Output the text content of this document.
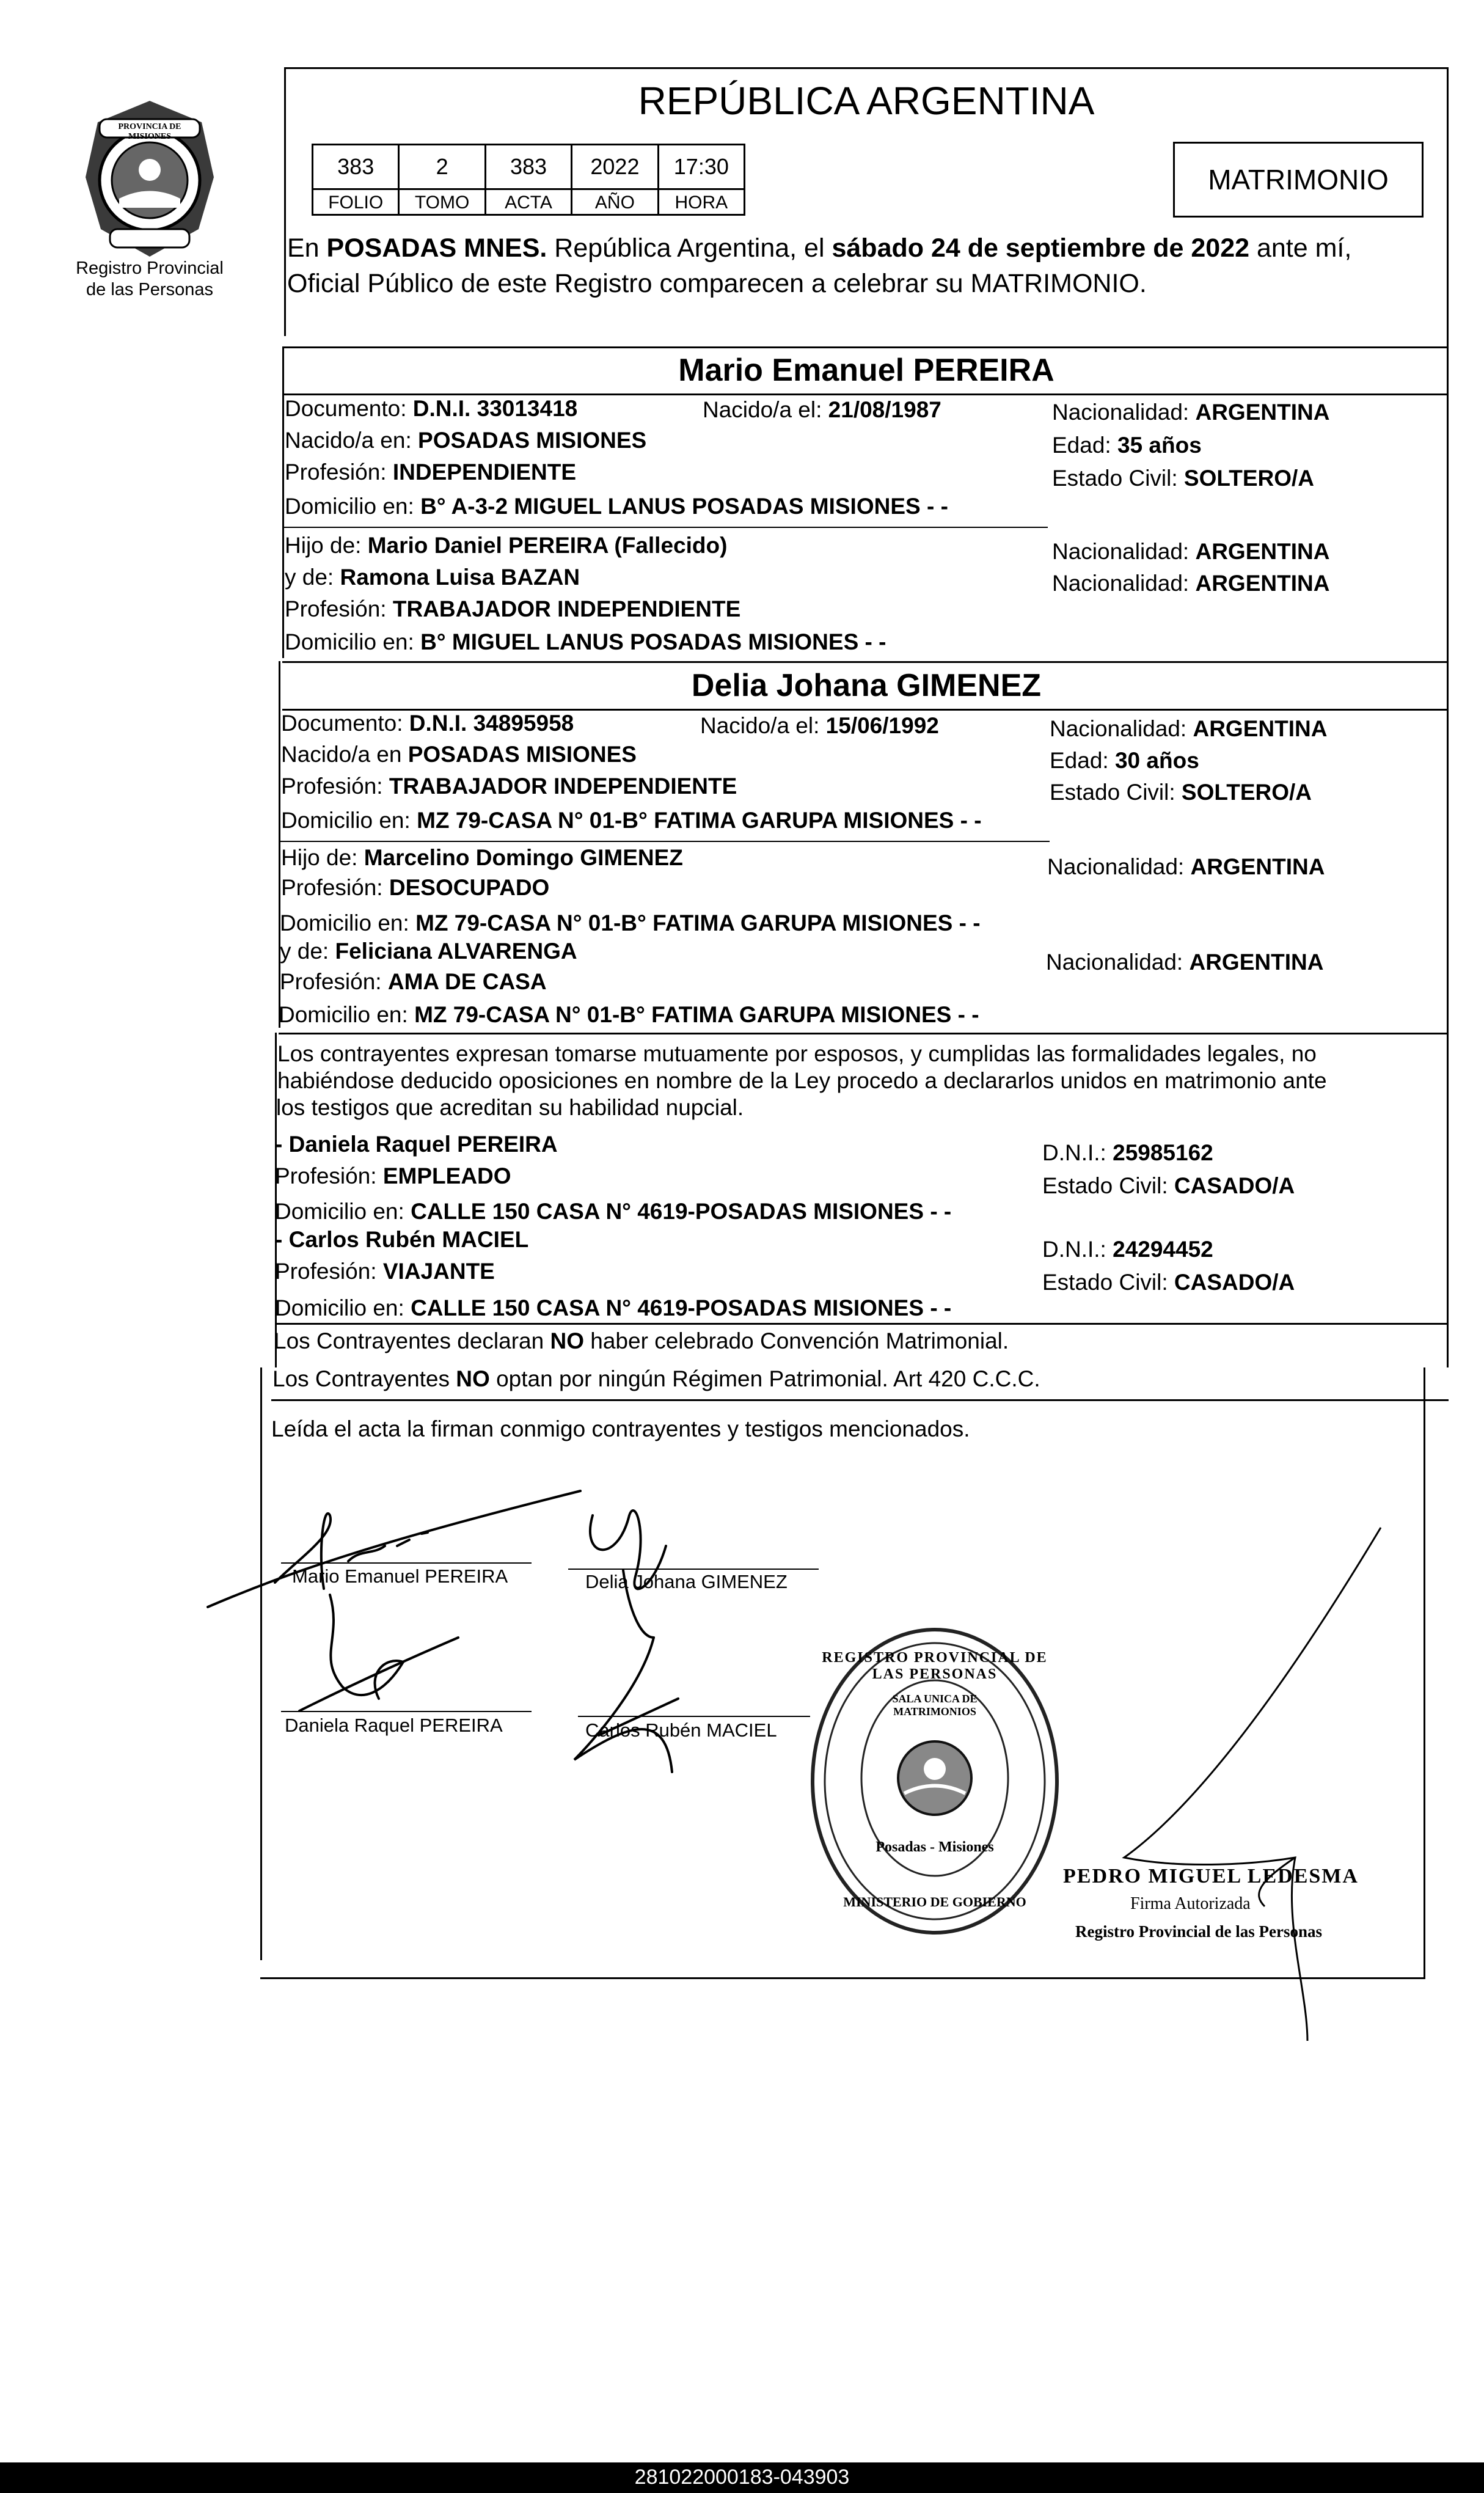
PROVINCIA DE MISIONES
Registro Provincial
de las Personas
REPÚBLICA ARGENTINA
383	2	383	2022	17:30
FOLIO	TOMO	ACTA	AÑO	HORA
MATRIMONIO
En POSADAS MNES. República Argentina, el sábado 24 de septiembre de 2022 ante mí,
Oficial Público de este Registro comparecen a celebrar su MATRIMONIO.
Mario Emanuel PEREIRA
Documento: D.N.I. 33013418	Nacido/a el: 21/08/1987	Nacionalidad: ARGENTINA
Nacido/a en: POSADAS MISIONES	Edad: 35 años
Profesión: INDEPENDIENTE	Estado Civil: SOLTERO/A
Domicilio en: B° A-3-2 MIGUEL LANUS POSADAS MISIONES - -
Hijo de: Mario Daniel PEREIRA (Fallecido)	Nacionalidad: ARGENTINA
y de: Ramona Luisa BAZAN	Nacionalidad: ARGENTINA
Profesión: TRABAJADOR INDEPENDIENTE
Domicilio en: B° MIGUEL LANUS POSADAS MISIONES - -
Delia Johana GIMENEZ
Documento: D.N.I. 34895958	Nacido/a el: 15/06/1992	Nacionalidad: ARGENTINA
Nacido/a en POSADAS MISIONES	Edad: 30 años
Profesión: TRABAJADOR INDEPENDIENTE	Estado Civil: SOLTERO/A
Domicilio en: MZ 79-CASA N° 01-B° FATIMA GARUPA MISIONES - -
Hijo de: Marcelino Domingo GIMENEZ	Nacionalidad: ARGENTINA
Profesión: DESOCUPADO
Domicilio en: MZ 79-CASA N° 01-B° FATIMA GARUPA MISIONES - -
y de: Feliciana ALVARENGA	Nacionalidad: ARGENTINA
Profesión: AMA DE CASA
Domicilio en: MZ 79-CASA N° 01-B° FATIMA GARUPA MISIONES - -
Los contrayentes expresan tomarse mutuamente por esposos, y cumplidas las formalidades legales, no
habiéndose deducido oposiciones en nombre de la Ley procedo a declararlos unidos en matrimonio ante
los testigos que acreditan su habilidad nupcial.
- Daniela Raquel PEREIRA	D.N.I.: 25985162
Profesión: EMPLEADO	Estado Civil: CASADO/A
Domicilio en: CALLE 150 CASA N° 4619-POSADAS MISIONES - -
- Carlos Rubén MACIEL	D.N.I.: 24294452
Profesión: VIAJANTE	Estado Civil: CASADO/A
Domicilio en: CALLE 150 CASA N° 4619-POSADAS MISIONES - -
Los Contrayentes declaran NO haber celebrado Convención Matrimonial.
Los Contrayentes NO optan por ningún Régimen Patrimonial. Art 420 C.C.C.
Leída el acta la firman conmigo contrayentes y testigos mencionados.
Mario Emanuel PEREIRA	Delia Johana GIMENEZ
Daniela Raquel PEREIRA	Carlos Rubén MACIEL
REGISTRO PROVINCIAL DE LAS PERSONAS
SALA UNICA DE MATRIMONIOS
Posadas - Misiones
MINISTERIO DE GOBIERNO
PEDRO MIGUEL LEDESMA
Firma Autorizada
Registro Provincial de las Personas
281022000183-043903
